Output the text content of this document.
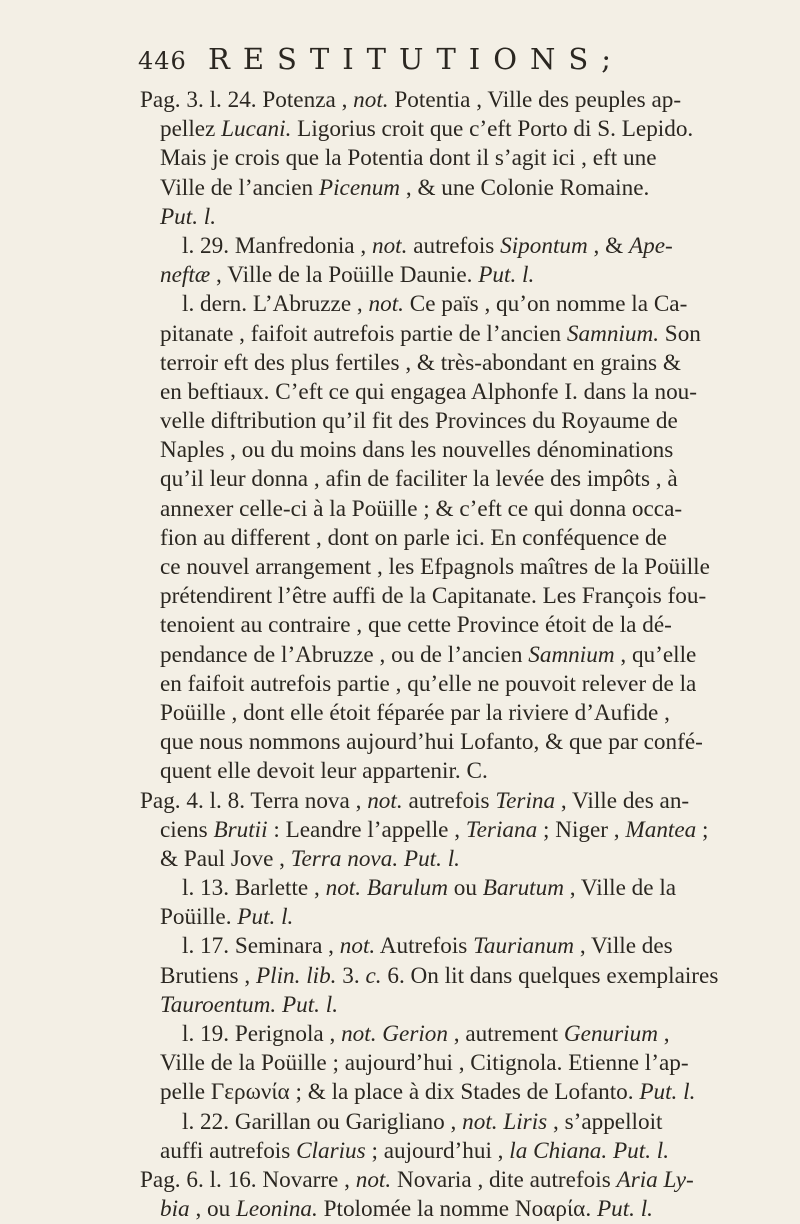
446 RESTITUTIONS;
Pag. 3. l. 24. Potenza , not. Potentia , Ville des peuples ap-
pellez Lucani. Ligorius croit que c’eft Porto di S. Lepido.
Mais je crois que la Potentia dont il s’agit ici , eft une
Ville de l’ancien Picenum , & une Colonie Romaine.
Put. l.
l. 29. Manfredonia , not. autrefois Sipontum , & Ape-
neftæ , Ville de la Poüille Daunie. Put. l.
l. dern. L’Abruzze , not. Ce païs , qu’on nomme la Ca-
pitanate , faifoit autrefois partie de l’ancien Samnium. Son
terroir eft des plus fertiles , & très-abondant en grains &
en beftiaux. C’eft ce qui engagea Alphonfe I. dans la nou-
velle diftribution qu’il fit des Provinces du Royaume de
Naples , ou du moins dans les nouvelles dénominations
qu’il leur donna , afin de faciliter la levée des impôts , à
annexer celle-ci à la Poüille ; & c’eft ce qui donna occa-
fion au different , dont on parle ici. En conféquence de
ce nouvel arrangement , les Efpagnols maîtres de la Poüille
prétendirent l’être auffi de la Capitanate. Les François fou-
tenoient au contraire , que cette Province étoit de la dé-
pendance de l’Abruzze , ou de l’ancien Samnium , qu’elle
en faifoit autrefois partie , qu’elle ne pouvoit relever de la
Poüille , dont elle étoit féparée par la riviere d’Aufide ,
que nous nommons aujourd’hui Lofanto, & que par confé-
quent elle devoit leur appartenir. C.
Pag. 4. l. 8. Terra nova , not. autrefois Terina , Ville des an-
ciens Brutii : Leandre l’appelle , Teriana ; Niger , Mantea ;
& Paul Jove , Terra nova. Put. l.
l. 13. Barlette , not. Barulum ou Barutum , Ville de la
Poüille. Put. l.
l. 17. Seminara , not. Autrefois Taurianum , Ville des
Brutiens , Plin. lib. 3. c. 6. On lit dans quelques exemplaires
Tauroentum. Put. l.
l. 19. Perignola , not. Gerion , autrement Genurium ,
Ville de la Poüille ; aujourd’hui , Citignola. Etienne l’ap-
pelle Γερωνία ; & la place à dix Stades de Lofanto. Put. l.
l. 22. Garillan ou Garigliano , not. Liris , s’appelloit
auffi autrefois Clarius ; aujourd’hui , la Chiana. Put. l.
Pag. 6. l. 16. Novarre , not. Novaria , dite autrefois Aria Ly-
bia , ou Leonina. Ptolomée la nomme Νοαρία. Put. l.
